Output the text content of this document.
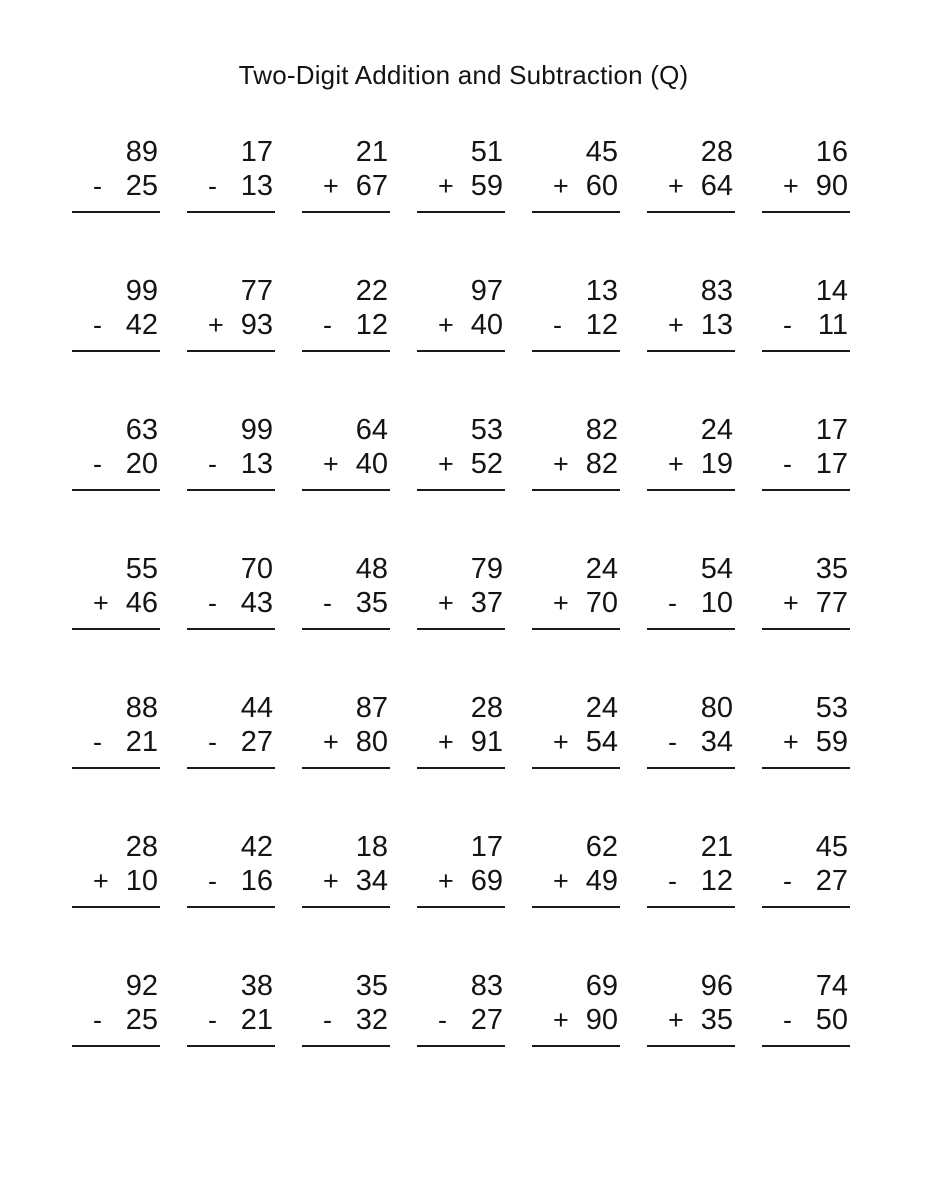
Two-Digit Addition and Subtraction (Q)
89
- 25
17
- 13
21
+ 67
51
+ 59
45
+ 60
28
+ 64
16
+ 90
99
- 42
77
+ 93
22
- 12
97
+ 40
13
- 12
83
+ 13
14
- 11
63
- 20
99
- 13
64
+ 40
53
+ 52
82
+ 82
24
+ 19
17
- 17
55
+ 46
70
- 43
48
- 35
79
+ 37
24
+ 70
54
- 10
35
+ 77
88
- 21
44
- 27
87
+ 80
28
+ 91
24
+ 54
80
- 34
53
+ 59
28
+ 10
42
- 16
18
+ 34
17
+ 69
62
+ 49
21
- 12
45
- 27
92
- 25
38
- 21
35
- 32
83
- 27
69
+ 90
96
+ 35
74
- 50
